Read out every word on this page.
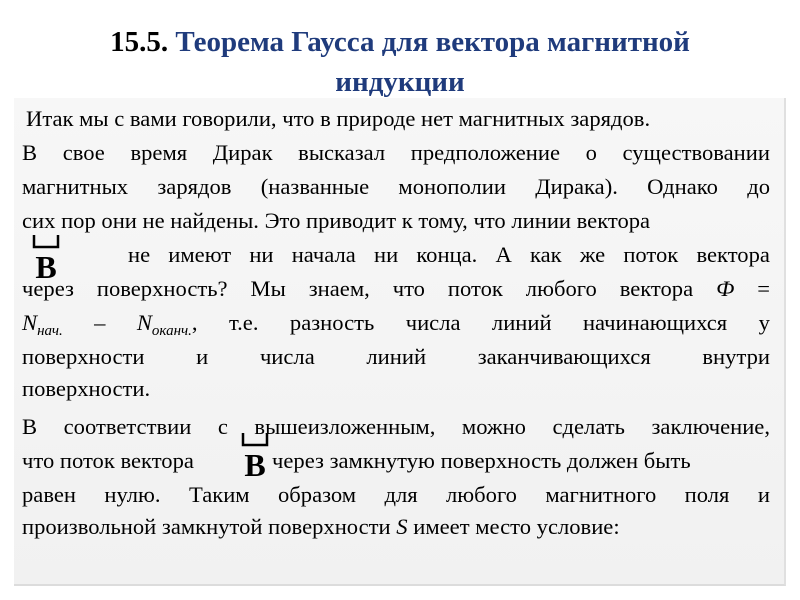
15.5. Теорема Гаусса для вектора магнитной
индукции
Итак мы с вами говорили, что в природе нет магнитных зарядов.
В свое время Дирак высказал предположение о существовании
магнитных зарядов (названные монополии Дирака). Однако до
сих пор они не найдены. Это приводит к тому, что линии вектора
не имеют ни начала ни конца. А как же поток вектора
через поверхность? Мы знаем, что поток любого вектора Ф =
$N_{нач.} - N_{оканч.}$, т.е. разность числа линий начинающихся у
поверхности и числа линий заканчивающихся внутри
поверхности.
B
В соответствии с вышеизложенным, можно сделать заключение,
что поток вектора	через замкнутую поверхность должен быть
равен нулю. Таким образом для любого магнитного поля и
произвольной замкнутой поверхности S имеет место условие:
B
